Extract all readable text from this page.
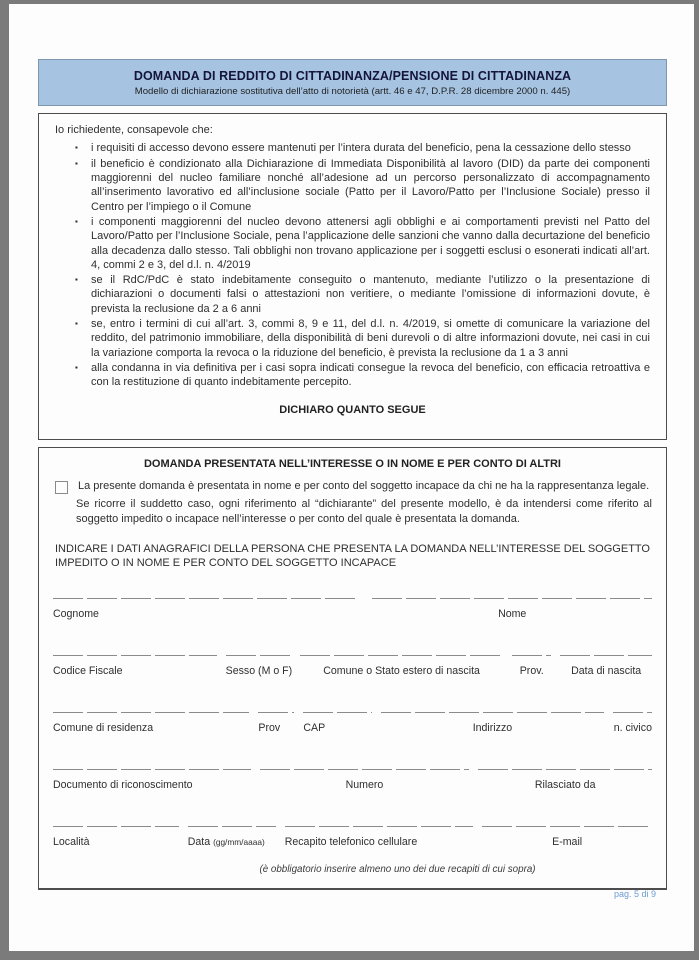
DOMANDA DI REDDITO DI CITTADINANZA/PENSIONE DI CITTADINANZA
Modello di dichiarazione sostitutiva dell’atto di notorietà (artt. 46 e 47, D.P.R. 28 dicembre 2000 n. 445)

Io richiedente, consapevole che:

▪	i requisiti di accesso devono essere mantenuti per l’intera durata del beneficio, pena la cessazione dello stesso
▪	il beneficio è condizionato alla Dichiarazione di Immediata Disponibilità al lavoro (DID) da parte dei componenti maggiorenni del nucleo familiare nonché all’adesione ad un percorso personalizzato di accompagnamento all’inserimento lavorativo ed all’inclusione sociale (Patto per il Lavoro/Patto per l’Inclusione Sociale) presso il Centro per l’impiego o il Comune
▪	i componenti maggiorenni del nucleo devono attenersi agli obblighi e ai comportamenti previsti nel Patto del Lavoro/Patto per l’Inclusione Sociale, pena l’applicazione delle sanzioni che vanno dalla decurtazione del beneficio alla decadenza dallo stesso. Tali obblighi non trovano applicazione per i soggetti esclusi o esonerati indicati all’art. 4, commi 2 e 3, del d.l. n. 4/2019
▪	se il RdC/PdC è stato indebitamente conseguito o mantenuto, mediante l’utilizzo o la presentazione di dichiarazioni o documenti falsi o attestazioni non veritiere, o mediante l’omissione di informazioni dovute, è prevista la reclusione da 2 a 6 anni
▪	se, entro i termini di cui all’art. 3, commi 8, 9 e 11, del d.l. n. 4/2019, si omette di comunicare la variazione del reddito, del patrimonio immobiliare, della disponibilità di beni durevoli o di altre informazioni dovute, nei casi in cui la variazione comporta la revoca o la riduzione del beneficio, è prevista la reclusione da 1 a 3 anni
▪	alla condanna in via definitiva per i casi sopra indicati consegue la revoca del beneficio, con efficacia retroattiva e con la restituzione di quanto indebitamente percepito.
DICHIARO QUANTO SEGUE
DOMANDA PRESENTATA NELL’INTERESSE O IN NOME E PER CONTO DI ALTRI
La presente domanda è presentata in nome e per conto del soggetto incapace da chi ne ha la rappresentanza legale.

Se ricorre il suddetto caso, ogni riferimento al “dichiarante” del presente modello, è da intendersi come riferito al soggetto impedito o incapace nell’interesse o per conto del quale è presentata la domanda.

INDICARE I DATI ANAGRAFICI DELLA PERSONA CHE PRESENTA LA DOMANDA NELL’INTERESSE DEL SOGGETTO IMPEDITO O IN NOME E PER CONTO DEL SOGGETTO INCAPACE

Cognome	Nome
Codice Fiscale	Sesso (M o F)	Comune o Stato estero di nascita	Prov.	Data di nascita
Comune di residenza	Prov	CAP	Indirizzo	n. civico
Documento di riconoscimento	Numero	Rilasciato da
Località	Data (gg/mm/aaaa)	Recapito telefonico cellulare	E-mail
(è obbligatorio inserire almeno uno dei due recapiti di cui sopra)
pag. 5 di 9
